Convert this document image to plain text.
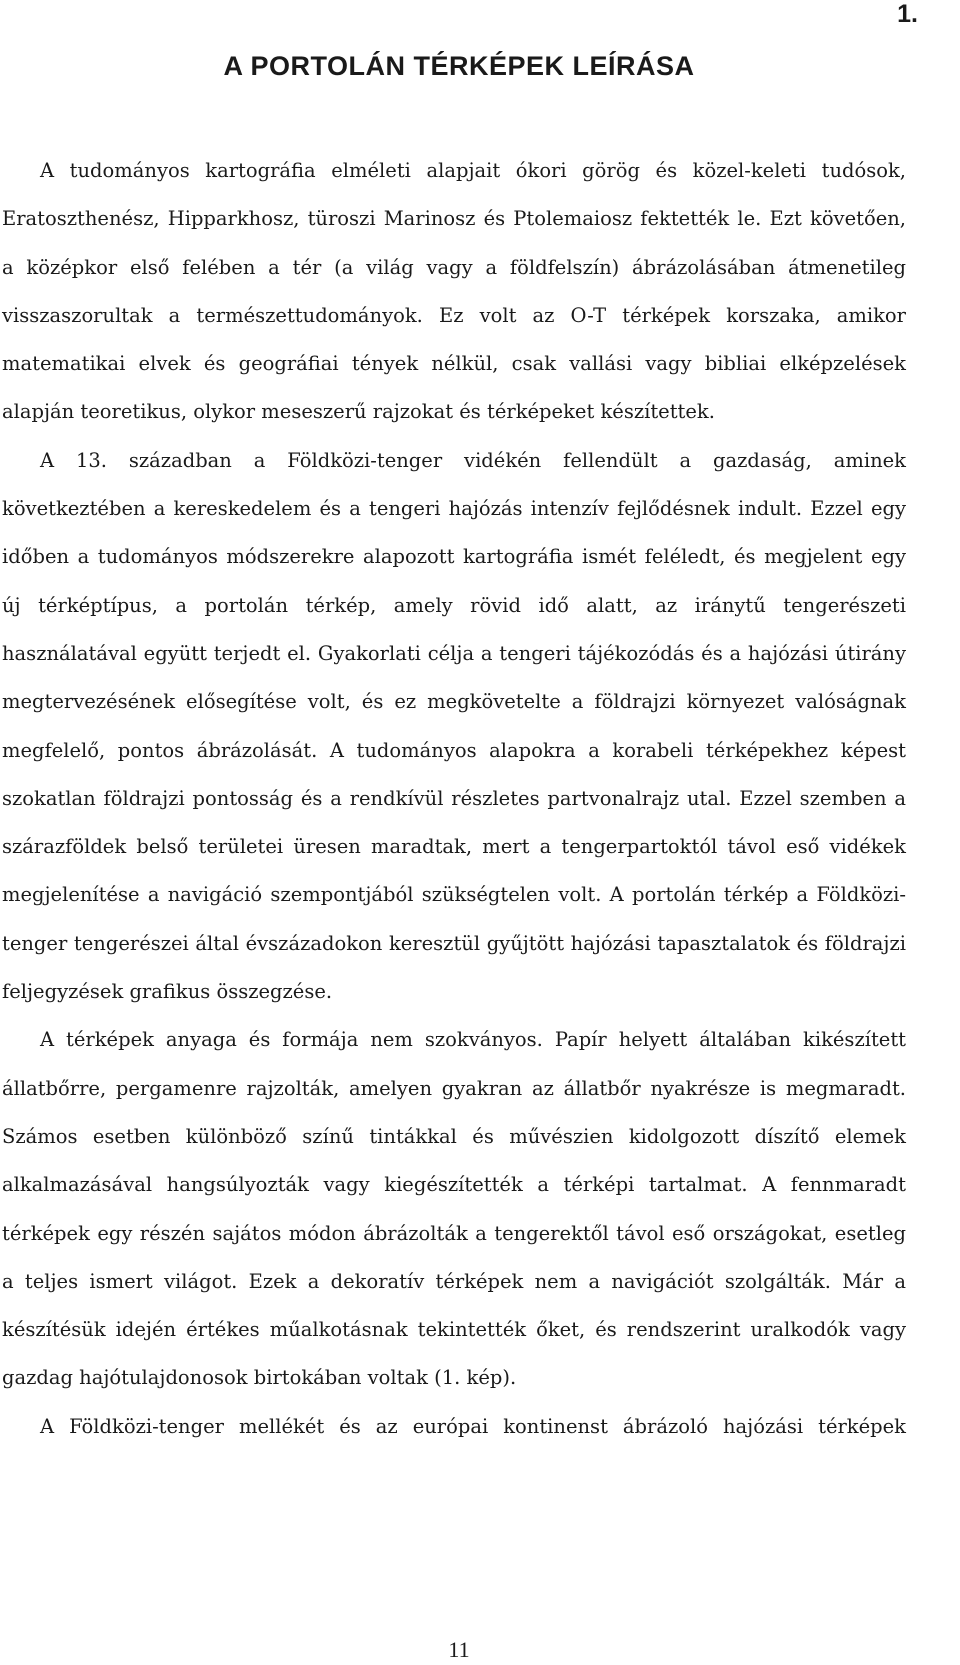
1.
A PORTOLÁN TÉRKÉPEK LEÍRÁSA

A tudományos kartográfia elméleti alapjait ókori görög és közel-keleti tudósok, Eratoszthenész, Hipparkhosz, türoszi Marinosz és Ptolemaiosz fektették le. Ezt követően, a középkor első felében a tér (a világ vagy a földfelszín) ábrázolásában átmenetileg visszaszorultak a természettudományok. Ez volt az O-T térképek korszaka, amikor matematikai elvek és geográfiai tények nélkül, csak vallási vagy bibliai elképzelések alapján teoretikus, olykor meseszerű rajzokat és térképeket készítettek.

A 13. században a Földközi-tenger vidékén fellendült a gazdaság, aminek következtében a kereskedelem és a tengeri hajózás intenzív fejlődésnek indult. Ezzel egy időben a tudományos módszerekre alapozott kartográfia ismét feléledt, és megjelent egy új térképtípus, a portolán térkép, amely rövid idő alatt, az iránytű tengerészeti használatával együtt terjedt el. Gyakorlati célja a tengeri tájékozódás és a hajózási útirány megtervezésének elősegítése volt, és ez megkövetelte a földrajzi környezet valóságnak megfelelő, pontos ábrázolását. A tudományos alapokra a korabeli térképekhez képest szokatlan földrajzi pontosság és a rendkívül részletes partvonalrajz utal. Ezzel szemben a szárazföldek belső területei üresen maradtak, mert a tengerpartoktól távol eső vidékek megjelenítése a navigáció szempontjából szükségtelen volt. A portolán térkép a Földközi-tenger tengerészei által évszázadokon keresztül gyűjtött hajózási tapasztalatok és földrajzi feljegyzések grafikus összegzése.

A térképek anyaga és formája nem szokványos. Papír helyett általában kikészített állatbőrre, pergamenre rajzolták, amelyen gyakran az állatbőr nyakrésze is megmaradt. Számos esetben különböző színű tintákkal és művészien kidolgozott díszítő elemek alkalmazásával hangsúlyozták vagy kiegészítették a térképi tartalmat. A fennmaradt térképek egy részén sajátos módon ábrázolták a tengerektől távol eső országokat, esetleg a teljes ismert világot. Ezek a dekoratív térképek nem a navigációt szolgálták. Már a készítésük idején értékes műalkotásnak tekintették őket, és rendszerint uralkodók vagy gazdag hajótulajdonosok birtokában voltak (1. kép).

A Földközi-tenger mellékét és az európai kontinenst ábrázoló hajózási térképek

11
